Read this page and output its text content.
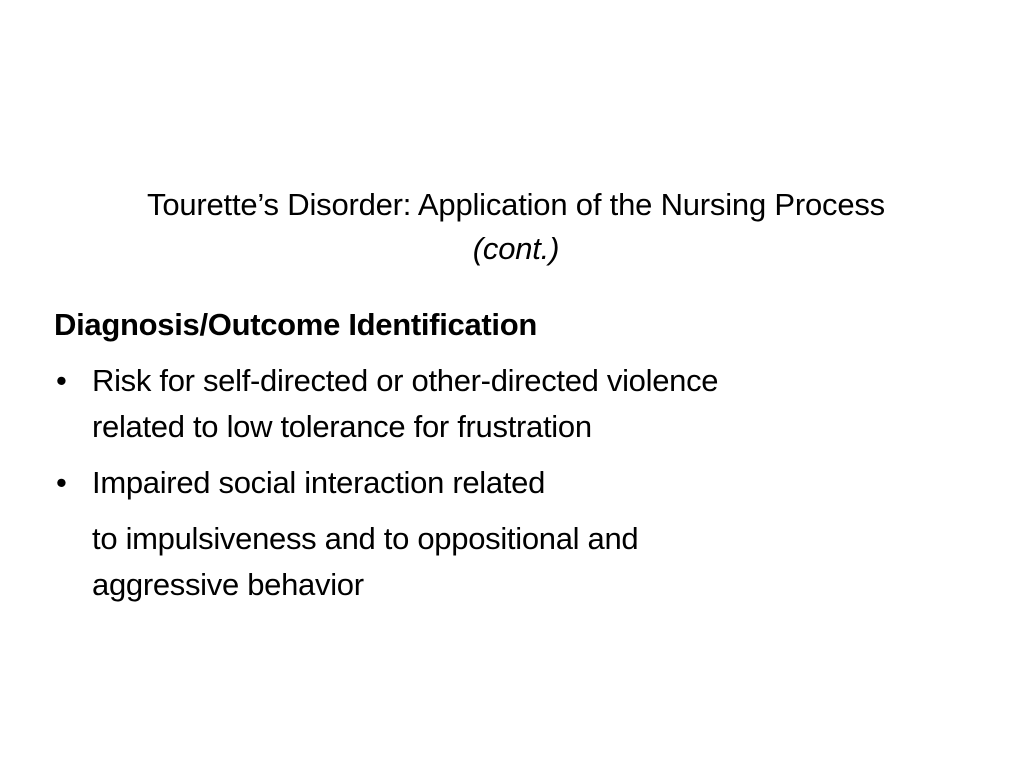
Tourette’s Disorder: Application of the Nursing Process
(cont.)
Diagnosis/Outcome Identification
• Risk for self-directed or other-directed violence
related to low tolerance for frustration
• Impaired social interaction related
to impulsiveness and to oppositional and
aggressive behavior
